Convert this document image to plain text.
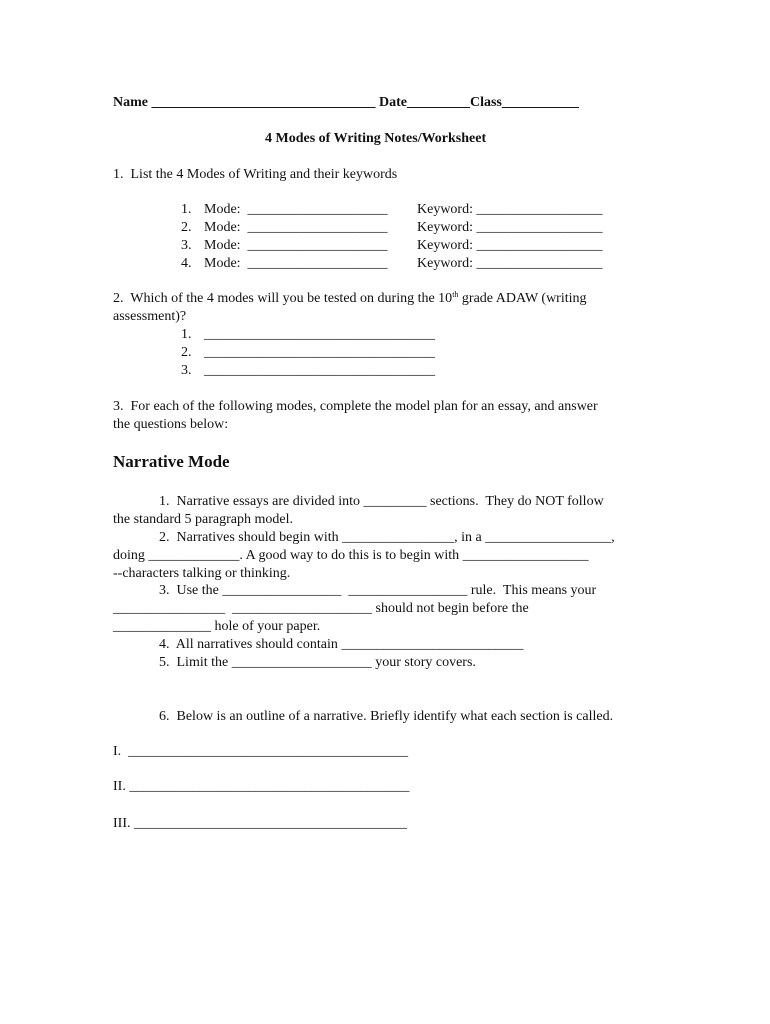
Name ________________________________ Date_________Class___________
4 Modes of Writing Notes/Worksheet
1.  List the 4 Modes of Writing and their keywords
1. Mode:  ____________________ Keyword: __________________
2. Mode:  ____________________ Keyword: __________________
3. Mode:  ____________________ Keyword: __________________
4. Mode:  ____________________ Keyword: __________________
2.  Which of the 4 modes will you be tested on during the 10th grade ADAW (writing
assessment)?
1. _________________________________
2. _________________________________
3. _________________________________
3.  For each of the following modes, complete the model plan for an essay, and answer
the questions below:
Narrative Mode
1.  Narrative essays are divided into _________ sections.  They do NOT follow
the standard 5 paragraph model.
2.  Narratives should begin with ________________, in a __________________,
doing _____________. A good way to do this is to begin with __________________
--characters talking or thinking.
3.  Use the _________________  _________________ rule.  This means your
________________  ____________________ should not begin before the
______________ hole of your paper.
4.  All narratives should contain __________________________
5.  Limit the ____________________ your story covers.
6.  Below is an outline of a narrative. Briefly identify what each section is called.
I.  ________________________________________
II. ________________________________________
III. _______________________________________
